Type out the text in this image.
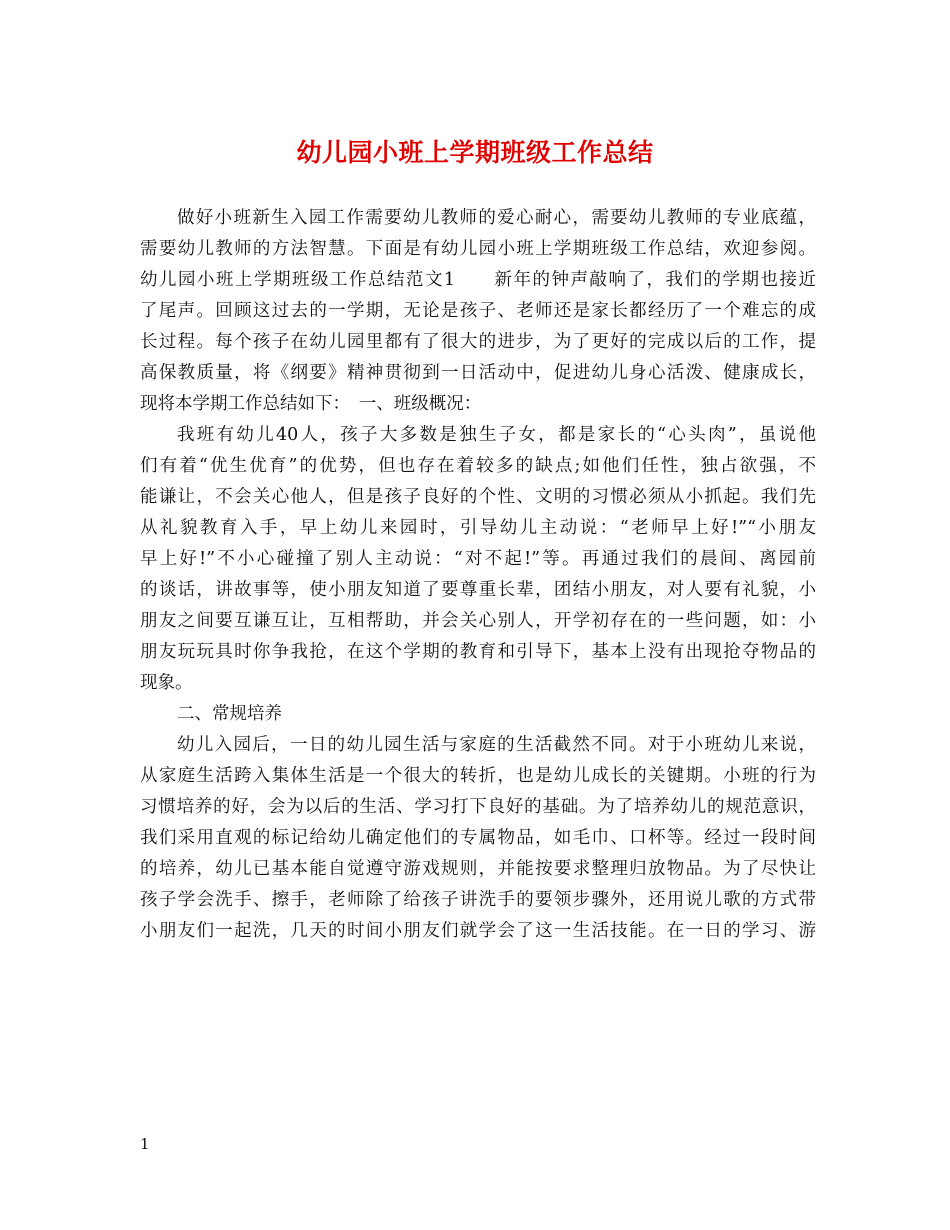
幼儿园小班上学期班级工作总结
做好小班新生入园工作需要幼儿教师的爱心耐心，需要幼儿教师的专业底蕴，
需要幼儿教师的方法智慧。下面是有幼儿园小班上学期班级工作总结，欢迎参阅。
幼儿园小班上学期班级工作总结范文1　　新年的钟声敲响了，我们的学期也接近
了尾声。回顾这过去的一学期，无论是孩子、老师还是家长都经历了一个难忘的成
长过程。每个孩子在幼儿园里都有了很大的进步，为了更好的完成以后的工作，提
高保教质量，将《纲要》精神贯彻到一日活动中，促进幼儿身心活泼、健康成长，
现将本学期工作总结如下：　一、班级概况：
我班有幼儿40人，孩子大多数是独生子女，都是家长的“心头肉”，虽说他
们有着“优生优育”的优势，但也存在着较多的缺点;如他们任性，独占欲强，不
能谦让，不会关心他人，但是孩子良好的个性、文明的习惯必须从小抓起。我们先
从礼貌教育入手，早上幼儿来园时，引导幼儿主动说：“老师早上好!”“小朋友
早上好!”不小心碰撞了别人主动说：“对不起!”等。再通过我们的晨间、离园前
的谈话，讲故事等，使小朋友知道了要尊重长辈，团结小朋友，对人要有礼貌，小
朋友之间要互谦互让，互相帮助，并会关心别人，开学初存在的一些问题，如：小
朋友玩玩具时你争我抢，在这个学期的教育和引导下，基本上没有出现抢夺物品的
现象。
二、常规培养
幼儿入园后，一日的幼儿园生活与家庭的生活截然不同。对于小班幼儿来说，
从家庭生活跨入集体生活是一个很大的转折，也是幼儿成长的关键期。小班的行为
习惯培养的好，会为以后的生活、学习打下良好的基础。为了培养幼儿的规范意识，
我们采用直观的标记给幼儿确定他们的专属物品，如毛巾、口杯等。经过一段时间
的培养，幼儿已基本能自觉遵守游戏规则，并能按要求整理归放物品。为了尽快让
孩子学会洗手、擦手，老师除了给孩子讲洗手的要领步骤外，还用说儿歌的方式带
小朋友们一起洗，几天的时间小朋友们就学会了这一生活技能。在一日的学习、游
1
